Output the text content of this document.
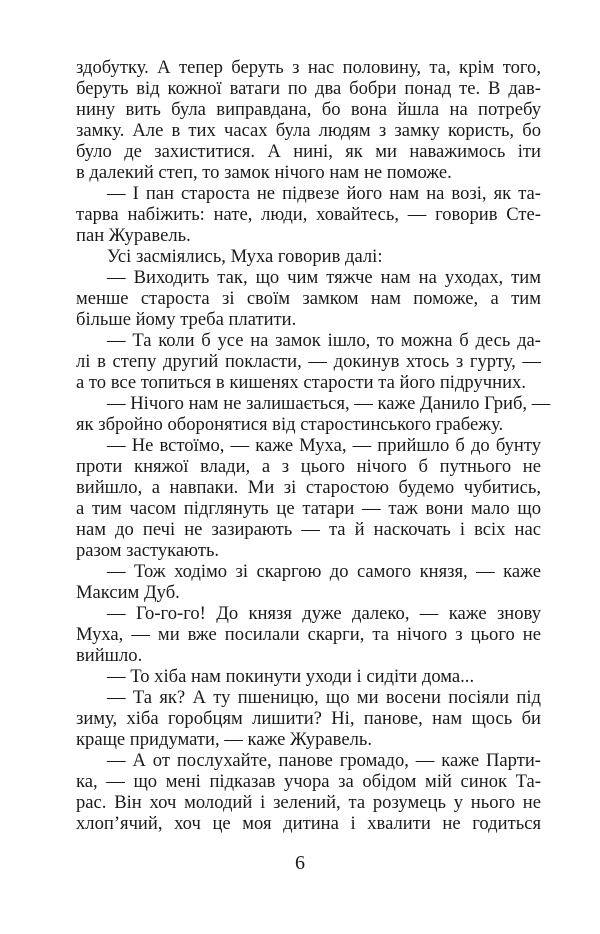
здобутку. А тепер беруть з нас половину, та, крім того,
беруть від кожної ватаги по два бобри понад те. В дав-
нину вить була виправдана, бо вона йшла на потребу
замку. Але в тих часах була людям з замку користь, бо
було де захиститися. А нині, як ми наважимось іти
в далекий степ, то замок нічого нам не поможе.
— І пан староста не підвезе його нам на возі, як та-
тарва набіжить: нате, люди, ховайтесь, — говорив Сте-
пан Журавель.
Усі засміялись, Муха говорив далі:
— Виходить так, що чим тяжче нам на уходах, тим
менше староста зі своїм замком нам поможе, а тим
більше йому треба платити.
— Та коли б усе на замок ішло, то можна б десь да-
лі в степу другий покласти, — докинув хтось з гурту, —
а то все топиться в кишенях старости та його підручних.
— Нічого нам не залишається, — каже Данило Гриб, —
як збройно оборонятися від старостинського грабежу.
— Не встоїмо, — каже Муха, — прийшло б до бунту
проти княжої влади, а з цього нічого б путнього не
вийшло, а навпаки. Ми зі старостою будемо чубитись,
а тим часом підглянуть це татари — таж вони мало що
нам до печі не зазирають — та й наскочать і всіх нас
разом застукають.
— Тож ходімо зі скаргою до самого князя, — каже
Максим Дуб.
— Го-го-го! До князя дуже далеко, — каже знову
Муха, — ми вже посилали скарги, та нічого з цього не
вийшло.
— То хіба нам покинути уходи і сидіти дома...
— Та як? А ту пшеницю, що ми восени посіяли під
зиму, хіба горобцям лишити? Ні, панове, нам щось би
краще придумати, — каже Журавель.
— А от послухайте, панове громадо, — каже Парти-
ка, — що мені підказав учора за обідом мій синок Та-
рас. Він хоч молодий і зелений, та розумець у нього не
хлоп’ячий, хоч це моя дитина і хвалити не годиться
6
